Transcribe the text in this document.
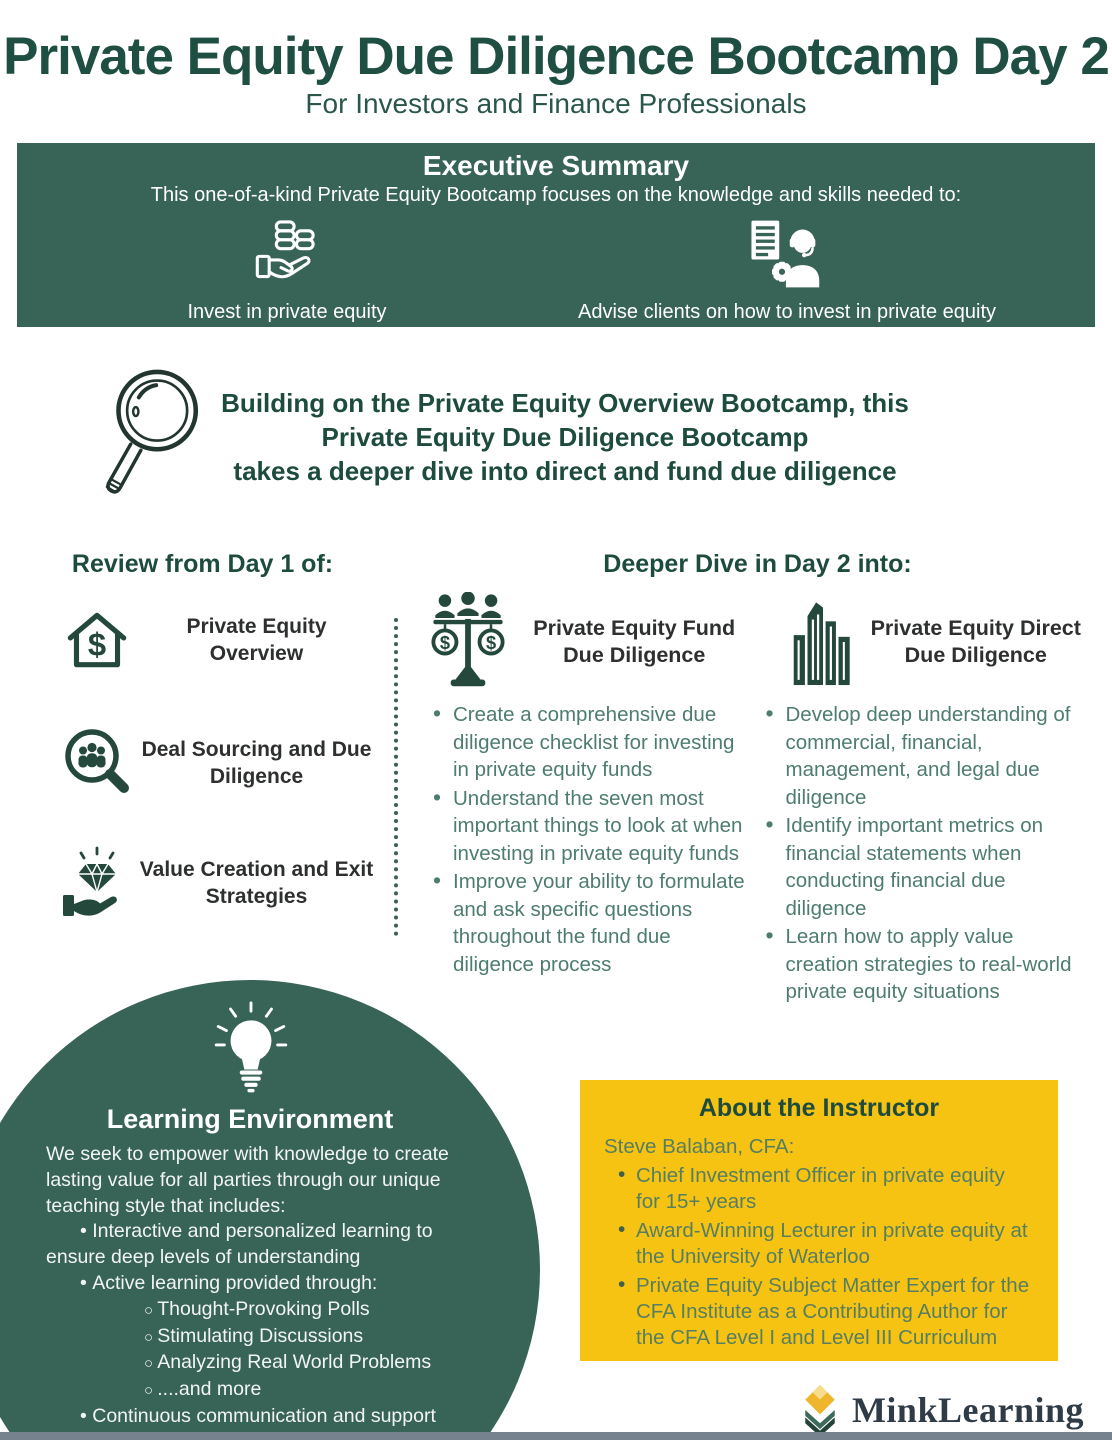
Private Equity Due Diligence Bootcamp Day 2
For Investors and Finance Professionals
Executive Summary

This one-of-a-kind Private Equity Bootcamp focuses on the knowledge and skills needed to:

Invest in private equity	Advise clients on how to invest in private equity
Building on the Private Equity Overview Bootcamp, this
Private Equity Due Diligence Bootcamp
takes a deeper dive into direct and fund due diligence
Review from Day 1 of:
$	Private Equity Overview
Deal Sourcing and Due Diligence
Value Creation and Exit Strategies
Deeper Dive in Day 2 into:
$ $
Private Equity Fund Due Diligence
• Create a comprehensive due diligence checklist for investing in private equity funds
• Understand the seven most important things to look at when investing in private equity funds
• Improve your ability to formulate and ask specific questions throughout the fund due diligence process
Private Equity Direct Due Diligence
• Develop deep understanding of commercial, financial, management, and legal due diligence
• Identify important metrics on financial statements when conducting financial due diligence
• Learn how to apply value creation strategies to real-world private equity situations
Learning Environment

We seek to empower with knowledge to create lasting value for all parties through our unique teaching style that includes:

• Interactive and personalized learning to ensure deep levels of understanding

• Active learning provided through:

○ Thought-Provoking Polls

○ Stimulating Discussions

○ Analyzing Real World Problems

○ ....and more

• Continuous communication and support

About the Instructor

Steve Balaban, CFA:

• Chief Investment Officer in private equity for 15+ years
• Award-Winning Lecturer in private equity at the University of Waterloo
• Private Equity Subject Matter Expert for the CFA Institute as a Contributing Author for the CFA Level I and Level III Curriculum
MinkLearning
